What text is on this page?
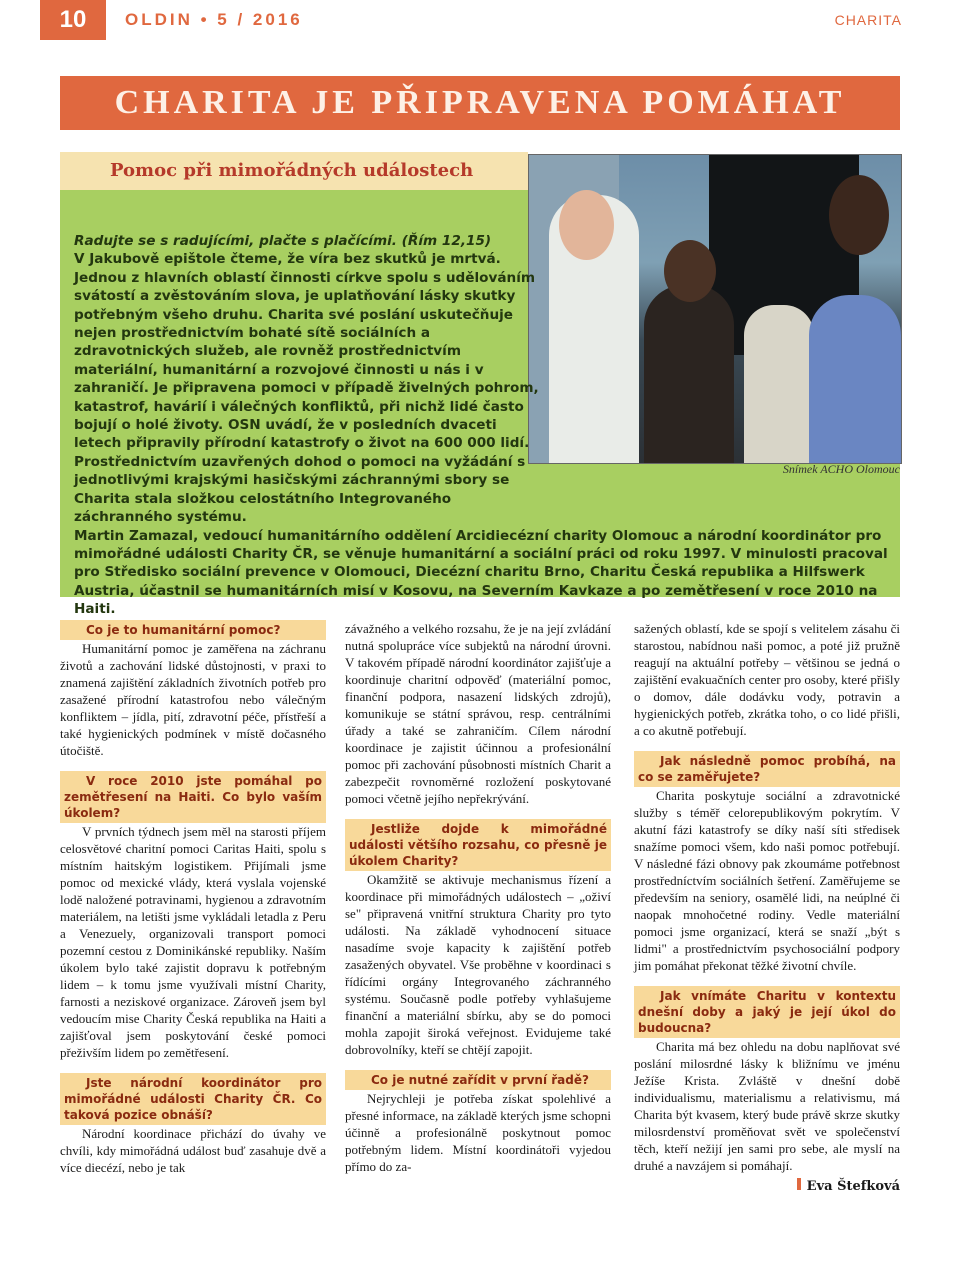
10	OLDIN • 5 / 2016	CHARITA
CHARITA JE PŘIPRAVENA POMÁHAT
Pomoc při mimořádných událostech
Snímek ACHO Olomouc
Radujte se s radujícími, plačte s plačícími. (Řím 12,15)
V Jakubově epištole čteme, že víra bez skutků je mrtvá. Jednou z hlavních oblastí činnosti církve spolu s udělováním svátostí a zvěstováním slova, je uplatňování lásky skutky potřebným všeho druhu. Charita své poslání uskutečňuje nejen prostřednictvím bohaté sítě sociálních a zdravotnických služeb, ale rovněž prostřednictvím materiální, humanitární a rozvojové činnosti u nás i v zahraničí. Je připravena pomoci v případě živelných pohrom, katastrof, havárií i válečných konfliktů, při nichž lidé často bojují o holé životy. OSN uvádí, že v posledních dvaceti letech připravily přírodní katastrofy o život na 600 000 lidí. Prostřednictvím uzavřených dohod o pomoci na vyžádání s jednotlivými krajskými hasičskými záchrannými sbory se Charita stala složkou celostátního Integrovaného záchranného systému.
Martin Zamazal, vedoucí humanitárního oddělení Arcidiecézní charity Olomouc a národní koordinátor pro mimořádné události Charity ČR, se věnuje humanitární a sociální práci od roku 1997. V minulosti pracoval pro Středisko sociální prevence v Olomouci, Diecézní charitu Brno, Charitu Česká republika a Hilfswerk Austria, účastnil se humanitárních misí v Kosovu, na Severním Kavkaze a po zemětřesení v roce 2010 na Haiti.

Co je to humanitární pomoc?

Humanitární pomoc je zaměřena na záchranu životů a zachování lidské důstojnosti, v praxi to znamená zajištění základních životních potřeb pro zasažené přírodní katastrofou nebo válečným konfliktem – jídla, pití, zdravotní péče, přístřeší a také hygienických podmínek v místě dočasného útočiště.

V roce 2010 jste pomáhal po zemětřesení na Haiti. Co bylo vaším úkolem?

V prvních týdnech jsem měl na starosti příjem celosvětové charitní pomoci Caritas Haiti, spolu s místním haitským logistikem. Přijímali jsme pomoc od mexické vlády, která vyslala vojenské lodě naložené potravinami, hygienou a zdravotním materiálem, na letišti jsme vykládali letadla z Peru a Venezuely, organizovali transport pomoci pozemní cestou z Dominikánské republiky. Naším úkolem bylo také zajistit dopravu k potřebným lidem – k tomu jsme využívali místní Charity, farnosti a neziskové organizace. Zároveň jsem byl vedoucím mise Charity Česká republika na Haiti a zajišťoval jsem poskytování české pomoci přeživším lidem po zemětřesení.

Jste národní koordinátor pro mimořádné události Charity ČR. Co taková pozice obnáší?

Národní koordinace přichází do úvahy ve chvíli, kdy mimořádná událost buď zasahuje dvě a více diecézí, nebo je tak

závažného a velkého rozsahu, že je na její zvládání nutná spolupráce více subjektů na národní úrovni. V takovém případě národní koordinátor zajišťuje a koordinuje charitní odpověď (materiální pomoc, finanční podpora, nasazení lidských zdrojů), komunikuje se státní správou, resp. centrálními úřady a také se zahraničím. Cílem národní koordinace je zajistit účinnou a profesionální pomoc při zachování působnosti místních Charit a zabezpečit rovnoměrné rozložení poskytované pomoci včetně jejího nepřekrývání.

Jestliže dojde k mimořádné události většího rozsahu, co přesně je úkolem Charity?

Okamžitě se aktivuje mechanismus řízení a koordinace při mimořádných událostech – „oživí se" připravená vnitřní struktura Charity pro tyto události. Na základě vyhodnocení situace nasadíme svoje kapacity k zajištění potřeb zasažených obyvatel. Vše proběhne v koordinaci s řídícími orgány Integrovaného záchranného systému. Současně podle potřeby vyhlašujeme finanční a materiální sbírku, aby se do pomoci mohla zapojit široká veřejnost. Evidujeme také dobrovolníky, kteří se chtějí zapojit.

Co je nutné zařídit v první řadě?

Nejrychleji je potřeba získat spolehlivé a přesné informace, na základě kterých jsme schopni účinně a profesionálně poskytnout pomoc potřebným lidem. Místní koordinátoři vyjedou přímo do za-

sažených oblastí, kde se spojí s velitelem zásahu či starostou, nabídnou naši pomoc, a poté již pružně reagují na aktuální potřeby – většinou se jedná o zajištění evakuačních center pro osoby, které přišly o domov, dále dodávku vody, potravin a hygienických potřeb, zkrátka toho, o co lidé přišli, a co akutně potřebují.

Jak následně pomoc probíhá, na co se zaměřujete?

Charita poskytuje sociální a zdravotnické služby s téměř celorepublikovým pokrytím. V akutní fázi katastrofy se díky naší síti středisek snažíme pomoci všem, kdo naši pomoc potřebují. V následné fázi obnovy pak zkoumáme potřebnost prostředníctvím sociálních šetření. Zaměřujeme se především na seniory, osamělé lidi, na neúplné či naopak mnohočetné rodiny. Vedle materiální pomoci jsme organizací, která se snaží „být s lidmi" a prostřednictvím psychosociální podpory jim pomáhat překonat těžké životní chvíle.

Jak vnímáte Charitu v kontextu dnešní doby a jaký je její úkol do budoucna?

Charita má bez ohledu na dobu naplňovat své poslání milosrdné lásky k bližnímu ve jménu Ježíše Krista. Zvláště v dnešní době individualismu, materialismu a relativismu, má Charita být kvasem, který bude právě skrze skutky milosrdenství proměňovat svět ve společenství těch, kteří nežijí jen sami pro sebe, ale myslí na druhé a navzájem si pomáhají.

Eva Štefková
